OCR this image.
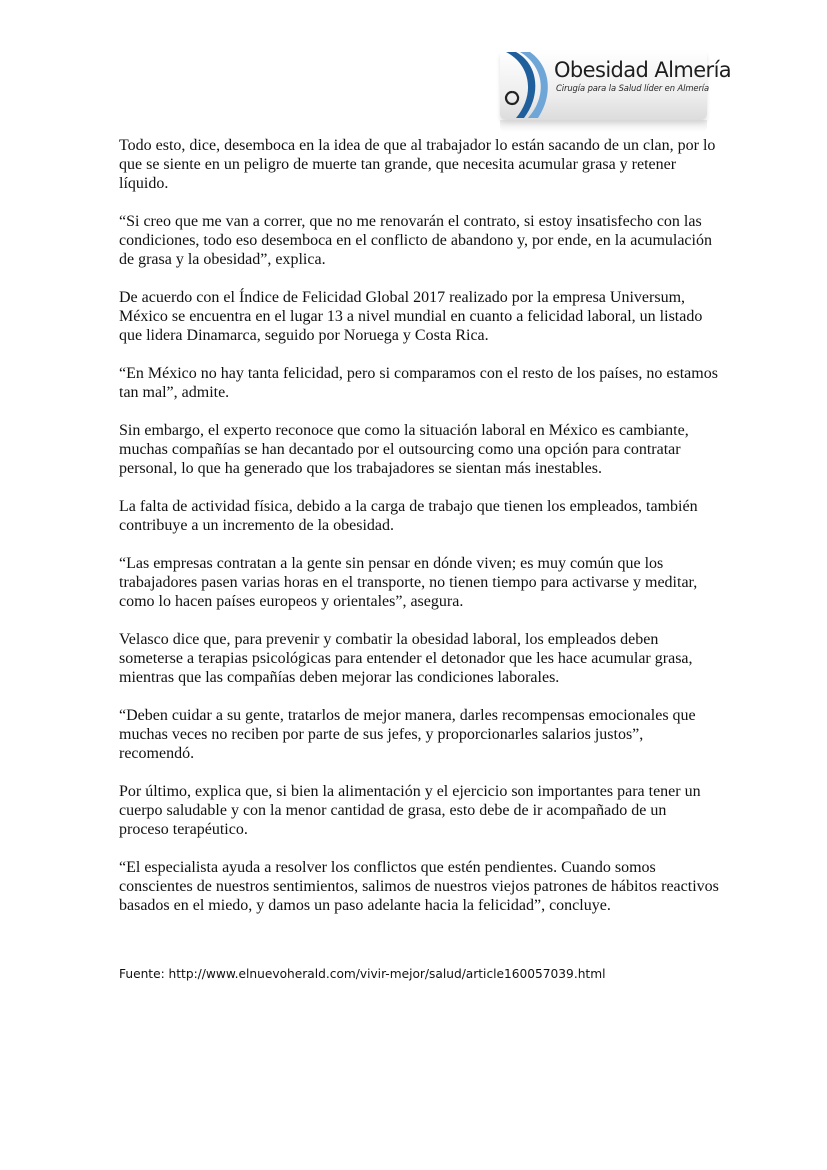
Obesidad Almería
Cirugía para la Salud líder en Almería

Todo esto, dice, desemboca en la idea de que al trabajador lo están sacando de un clan, por lo que se siente en un peligro de muerte tan grande, que necesita acumular grasa y retener líquido.

“Si creo que me van a correr, que no me renovarán el contrato, si estoy insatisfecho con las condiciones, todo eso desemboca en el conflicto de abandono y, por ende, en la acumulación de grasa y la obesidad”, explica.

De acuerdo con el Índice de Felicidad Global 2017 realizado por la empresa Universum, México se encuentra en el lugar 13 a nivel mundial en cuanto a felicidad laboral, un listado que lidera Dinamarca, seguido por Noruega y Costa Rica.

“En México no hay tanta felicidad, pero si comparamos con el resto de los países, no estamos tan mal”, admite.

Sin embargo, el experto reconoce que como la situación laboral en México es cambiante, muchas compañías se han decantado por el outsourcing como una opción para contratar personal, lo que ha generado que los trabajadores se sientan más inestables.

La falta de actividad física, debido a la carga de trabajo que tienen los empleados, también contribuye a un incremento de la obesidad.

“Las empresas contratan a la gente sin pensar en dónde viven; es muy común que los trabajadores pasen varias horas en el transporte, no tienen tiempo para activarse y meditar, como lo hacen países europeos y orientales”, asegura.

Velasco dice que, para prevenir y combatir la obesidad laboral, los empleados deben someterse a terapias psicológicas para entender el detonador que les hace acumular grasa, mientras que las compañías deben mejorar las condiciones laborales.

“Deben cuidar a su gente, tratarlos de mejor manera, darles recompensas emocionales que muchas veces no reciben por parte de sus jefes, y proporcionarles salarios justos”, recomendó.

Por último, explica que, si bien la alimentación y el ejercicio son importantes para tener un cuerpo saludable y con la menor cantidad de grasa, esto debe de ir acompañado de un proceso terapéutico.

“El especialista ayuda a resolver los conflictos que estén pendientes. Cuando somos conscientes de nuestros sentimientos, salimos de nuestros viejos patrones de hábitos reactivos basados en el miedo, y damos un paso adelante hacia la felicidad”, concluye.

Fuente: http://www.elnuevoherald.com/vivir-mejor/salud/article160057039.html
